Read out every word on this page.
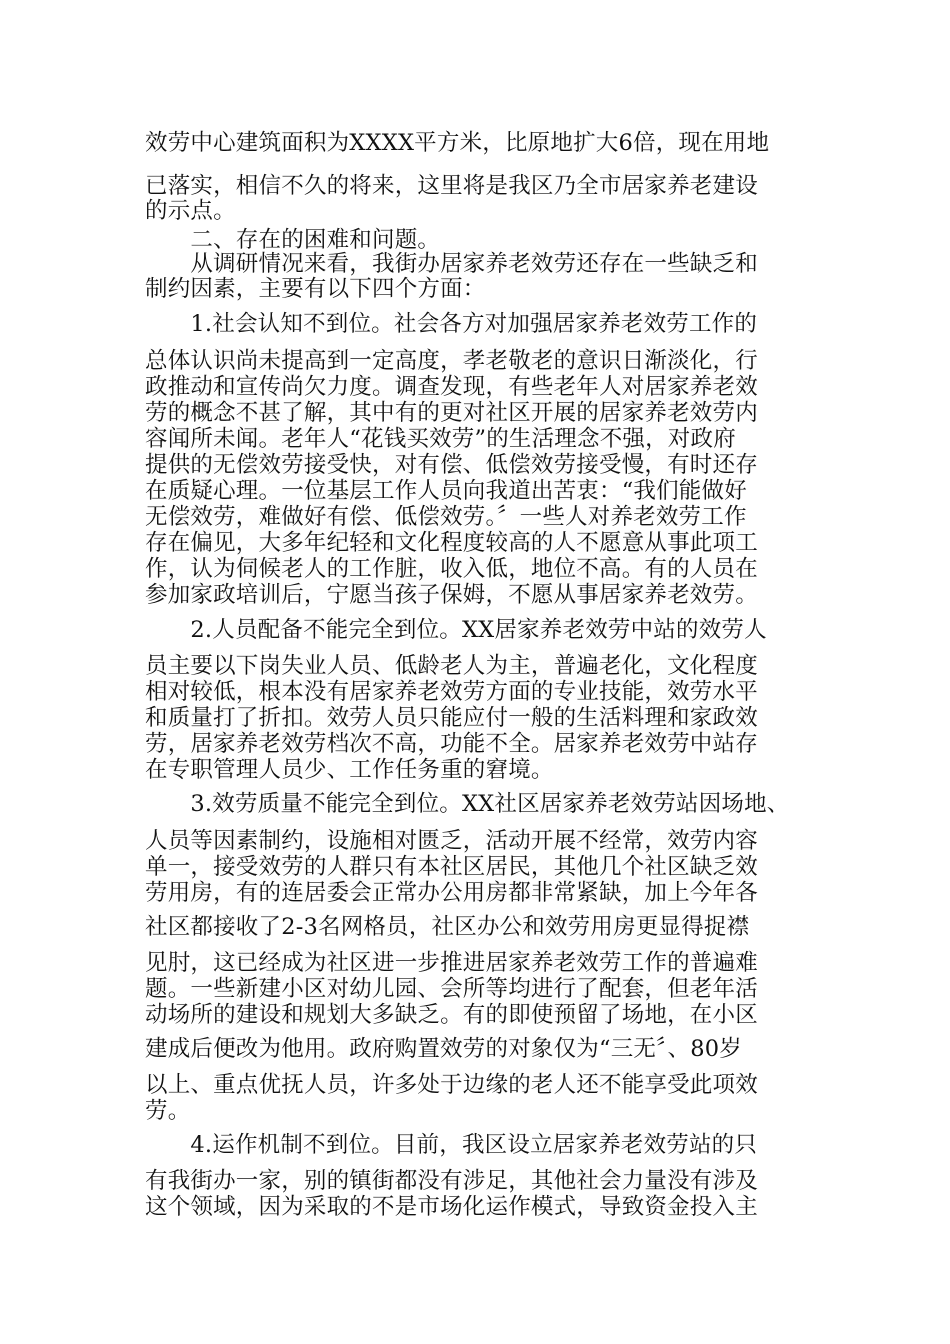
效劳中心建筑面积为XXXX平方米，比原地扩大6倍，现在用地
已落实，相信不久的将来，这里将是我区乃全市居家养老建设
的示点。
　　二、存在的困难和问题。
　　从调研情况来看，我街办居家养老效劳还存在一些缺乏和
制约因素，主要有以下四个方面：
　　1.社会认知不到位。社会各方对加强居家养老效劳工作的
总体认识尚未提高到一定高度，孝老敬老的意识日渐淡化，行
政推动和宣传尚欠力度。调查发现，有些老年人对居家养老效
劳的概念不甚了解，其中有的更对社区开展的居家养老效劳内
容闻所未闻。老年人“花钱买效劳”的生活理念不强，对政府
提供的无偿效劳接受快，对有偿、低偿效劳接受慢，有时还存
在质疑心理。一位基层工作人员向我道出苦衷：“我们能做好
无偿效劳，难做好有偿、低偿效劳。〞一些人对养老效劳工作
存在偏见，大多年纪轻和文化程度较高的人不愿意从事此项工
作，认为伺候老人的工作脏，收入低，地位不高。有的人员在
参加家政培训后，宁愿当孩子保姆，不愿从事居家养老效劳。
　　2.人员配备不能完全到位。XX居家养老效劳中站的效劳人
员主要以下岗失业人员、低龄老人为主，普遍老化，文化程度
相对较低，根本没有居家养老效劳方面的专业技能，效劳水平
和质量打了折扣。效劳人员只能应付一般的生活料理和家政效
劳，居家养老效劳档次不高，功能不全。居家养老效劳中站存
在专职管理人员少、工作任务重的窘境。
　　3.效劳质量不能完全到位。XX社区居家养老效劳站因场地、
人员等因素制约，设施相对匮乏，活动开展不经常，效劳内容
单一，接受效劳的人群只有本社区居民，其他几个社区缺乏效
劳用房，有的连居委会正常办公用房都非常紧缺，加上今年各
社区都接收了2-3名网格员，社区办公和效劳用房更显得捉襟
见肘，这已经成为社区进一步推进居家养老效劳工作的普遍难
题。一些新建小区对幼儿园、会所等均进行了配套，但老年活
动场所的建设和规划大多缺乏。有的即使预留了场地，在小区
建成后便改为他用。政府购置效劳的对象仅为“三无〞、80岁
以上、重点优抚人员，许多处于边缘的老人还不能享受此项效
劳。
　　4.运作机制不到位。目前，我区设立居家养老效劳站的只
有我街办一家，别的镇街都没有涉足，其他社会力量没有涉及
这个领域，因为采取的不是市场化运作模式，导致资金投入主
